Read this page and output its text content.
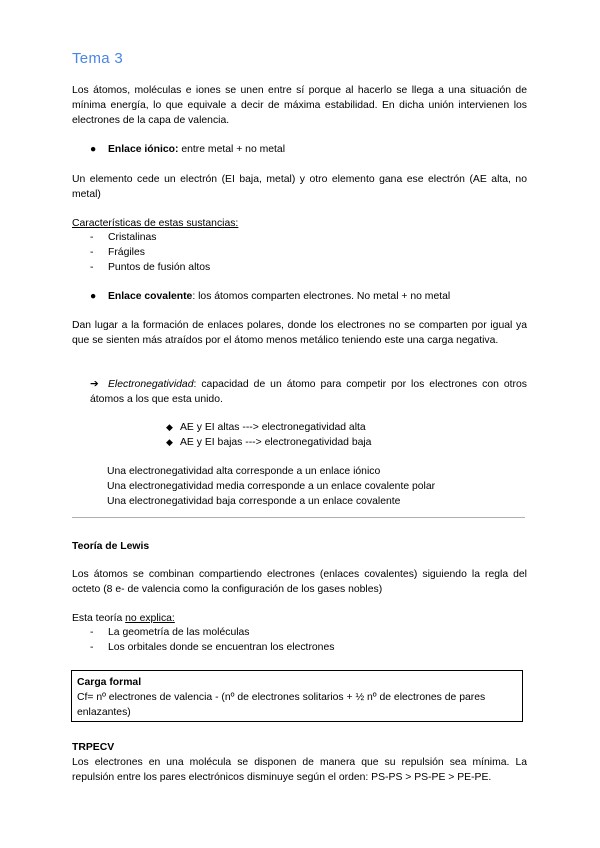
Tema 3
Los átomos, moléculas e iones se unen entre sí porque al hacerlo se llega a una situación de mínima energía, lo que equivale a decir de máxima estabilidad. En dicha unión intervienen los electrones de la capa de valencia.
● Enlace iónico: entre metal + no metal
Un elemento cede un electrón (EI baja, metal) y otro elemento gana ese electrón (AE alta, no metal)
Características de estas sustancias:
- Cristalinas
- Frágiles
- Puntos de fusión altos
● Enlace covalente: los átomos comparten electrones. No metal + no metal
Dan lugar a la formación de enlaces polares, donde los electrones no se comparten por igual ya que se sienten más atraídos por el átomo menos metálico teniendo este una carga negativa.
➔ Electronegatividad: capacidad de un átomo para competir por los electrones con otros átomos a los que esta unido.
◆ AE y EI altas ---> electronegatividad alta
◆ AE y EI bajas ---> electronegatividad baja
Una electronegatividad alta corresponde a un enlace iónico
Una electronegatividad media corresponde a un enlace covalente polar
Una electronegatividad baja corresponde a un enlace covalente
Teoría de Lewis
Los átomos se combinan compartiendo electrones (enlaces covalentes) siguiendo la regla del octeto (8 e- de valencia como la configuración de los gases nobles)
Esta teoría no explica:
- La geometría de las moléculas
- Los orbitales donde se encuentran los electrones
Carga formal
Cf= nº electrones de valencia - (nº de electrones solitarios + ½ nº de electrones de pares enlazantes)
TRPECV
Los electrones en una molécula se disponen de manera que su repulsión sea mínima. La repulsión entre los pares electrónicos disminuye según el orden: PS-PS > PS-PE > PE-PE.
